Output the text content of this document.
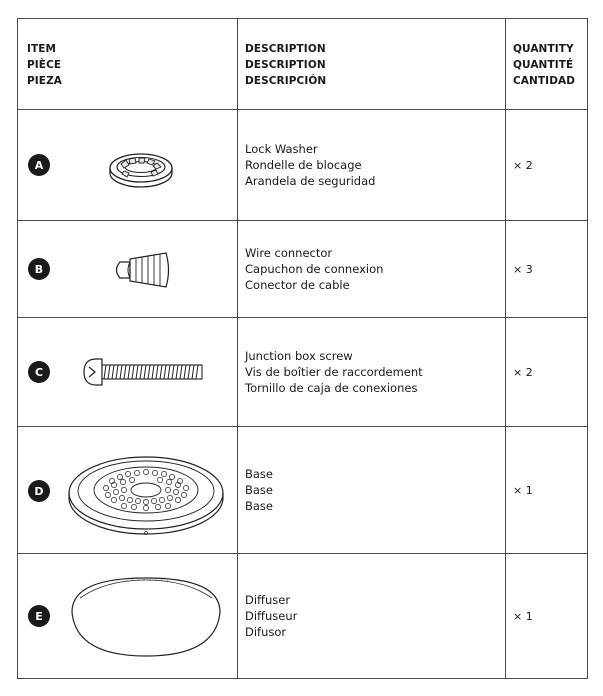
ITEM
PIÈCE
PIEZA
DESCRIPTION
DESCRIPTION
DESCRIPCIÓN
QUANTITY
QUANTITÉ
CANTIDAD
A
Lock Washer
Rondelle de blocage
Arandela de seguridad
× 2
B
Wire connector
Capuchon de connexion
Conector de cable
× 3
C
Junction box screw
Vis de boîtier de raccordement
Tornillo de caja de conexiones
× 2
D
Base
Base
Base
× 1
E
Diffuser
Diffuseur
Difusor
× 1
